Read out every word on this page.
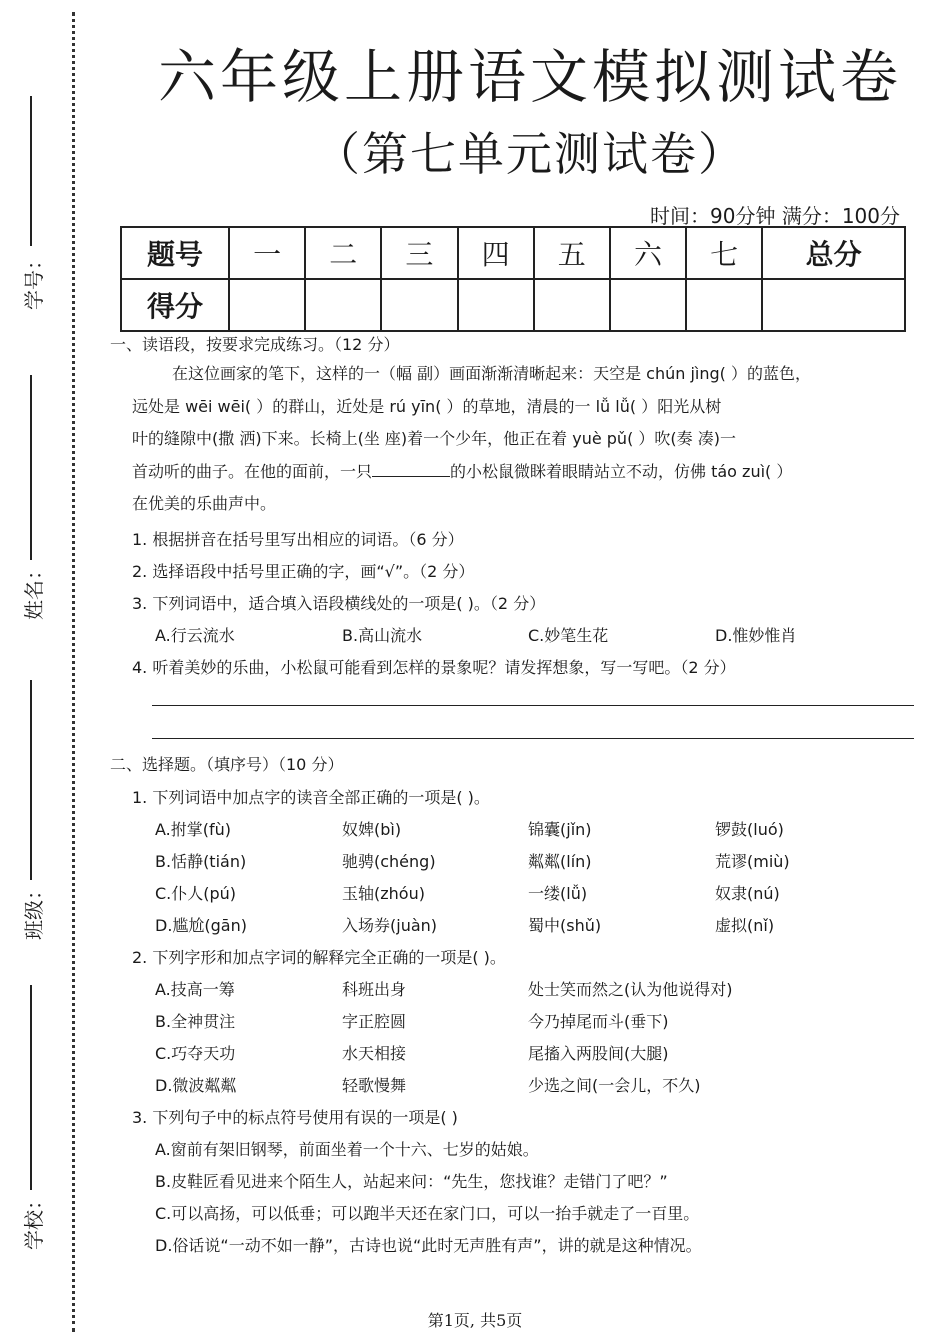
学号：
姓名：
班级：
学校：
六年级上册语文模拟测试卷
（第七单元测试卷）
时间：90分钟 满分：100分
题号	一	二	三	四	五	六	七	总分
得分								
一、读语段，按要求完成练习。（12 分）
在这位画家的笔下，这样的一（幅 副）画面渐渐清晰起来：天空是 chún jìng( ）的蓝色，
远处是 wēi wēi( ）的群山，近处是 rú yīn( ）的草地，清晨的一 lǚ lǚ( ）阳光从树
叶的缝隙中(撒 洒)下来。长椅上(坐 座)着一个少年，他正在着 yuè pǔ( ）吹(奏 凑)一
首动听的曲子。在他的面前，一只	的小松鼠微眯着眼睛站立不动，仿佛 táo zuì( ）
在优美的乐曲声中。
1. 根据拼音在括号里写出相应的词语。（6 分）
2. 选择语段中括号里正确的字，画“√”。（2 分）
3. 下列词语中，适合填入语段横线处的一项是( )。（2 分）
A.行云流水	B.高山流水	C.妙笔生花	D.惟妙惟肖
4. 听着美妙的乐曲，小松鼠可能看到怎样的景象呢？请发挥想象，写一写吧。（2 分）
二、选择题。（填序号）（10 分）
1. 下列词语中加点字的读音全部正确的一项是( )。
A.拊掌(fù)	奴婢(bì)	锦囊(jǐn)	锣鼓(luó)
B.恬静(tián)	驰骋(chéng)	粼粼(lín)	荒谬(miù)
C.仆人(pú)	玉轴(zhóu)	一缕(lǚ)	奴隶(nú)
D.尴尬(gān)	入场券(juàn)	蜀中(shǔ)	虚拟(nǐ)
2. 下列字形和加点字词的解释完全正确的一项是( )。
A.技高一筹	科班出身	处士笑而然之(认为他说得对)
B.全神贯注	字正腔圆	今乃掉尾而斗(垂下)
C.巧夺天功	水天相接	尾搐入两股间(大腿)
D.微波粼粼	轻歌慢舞	少选之间(一会儿，不久)
3. 下列句子中的标点符号使用有误的一项是( )
A.窗前有架旧钢琴，前面坐着一个十六、七岁的姑娘。
B.皮鞋匠看见进来个陌生人，站起来问：“先生，您找谁？走错门了吧？”
C.可以高扬，可以低垂；可以跑半天还在家门口，可以一抬手就走了一百里。
D.俗话说“一动不如一静”，古诗也说“此时无声胜有声”，讲的就是这种情况。
第1页, 共5页
